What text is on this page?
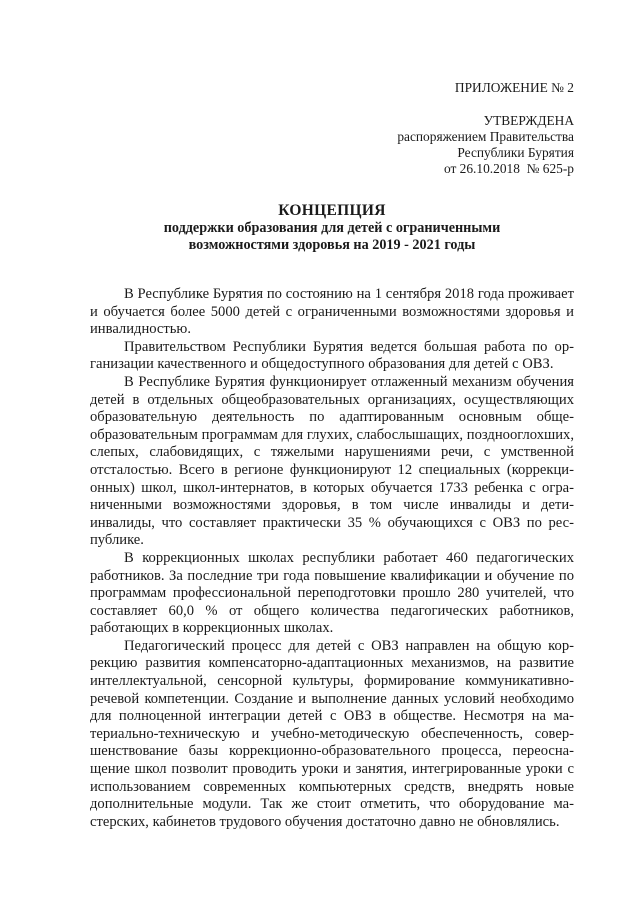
ПРИЛОЖЕНИЕ № 2
УТВЕРЖДЕНА
распоряжением Правительства
Республики Бурятия
от 26.10.2018  № 625-р
КОНЦЕПЦИЯ
поддержки образования для детей с ограниченными
возможностями здоровья на 2019 - 2021 годы

В Республике Бурятия по состоянию на 1 сентября 2018 года проживает и обучается более 5000 детей с ограниченными возможностями здоровья и инвалидностью.

Правительством Республики Бурятия ведется большая работа по организации качественного и общедоступного образования для детей с ОВЗ.

В Республике Бурятия функционирует отлаженный механизм обучения детей в отдельных общеобразовательных организациях, осуществляющих образовательную деятельность по адаптированным основным общеобразовательным программам для глухих, слабослышащих, позднооглохших, слепых, слабовидящих, с тяжелыми нарушениями речи, с умственной отсталостью. Всего в регионе функционируют 12 специальных (коррекционных) школ, школ-интернатов, в которых обучается 1733 ребенка с ограниченными возможностями здоровья, в том числе инвалиды и дети-инвалиды, что составляет практически 35 % обучающихся с ОВЗ по республике.

В коррекционных школах республики работает 460 педагогических работников. За последние три года повышение квалификации и обучение по программам профессиональной переподготовки прошло 280 учителей, что составляет 60,0 % от общего количества педагогических работников, работающих в коррекционных школах.

Педагогический процесс для детей с ОВЗ направлен на общую коррекцию развития компенсаторно-адаптационных механизмов, на развитие интеллектуальной, сенсорной культуры, формирование коммуникативно-речевой компетенции. Создание и выполнение данных условий необходимо для полноценной интеграции детей с ОВЗ в обществе. Несмотря на материально-техническую и учебно-методическую обеспеченность, совершенствование базы коррекционно-образовательного процесса, переоснащение школ позволит проводить уроки и занятия, интегрированные уроки с использованием современных компьютерных средств, внедрять новые дополнительные модули. Так же стоит отметить, что оборудование мастерских, кабинетов трудового обучения достаточно давно не обновлялись.
